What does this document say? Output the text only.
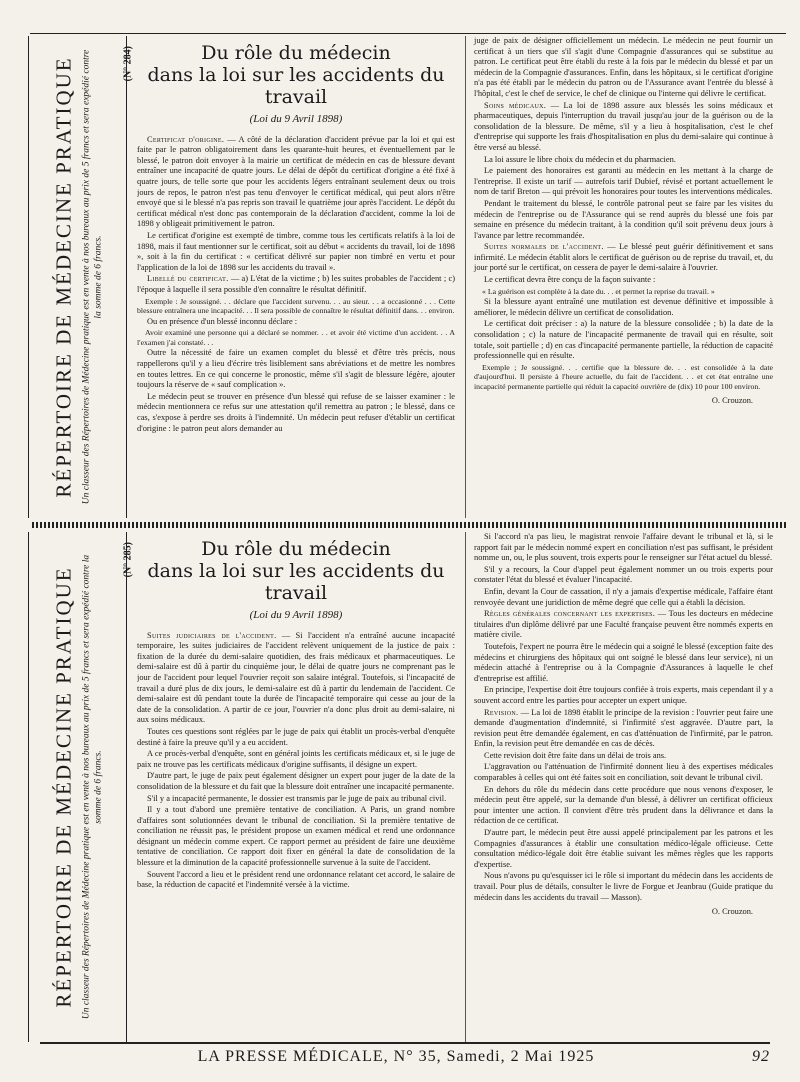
RÉPERTOIRE DE MÉDECINE PRATIQUE Un classeur des Répertoires de Médecine pratique est en vente à nos bureaux au prix de 5 francs et sera expédié contre la somme de 6 francs.
(N° 284)	Du rôle du médecin
dans la loi sur les accidents du travail
(Loi du 9 Avril 1898)

Certificat d'origine. — A côté de la déclaration d'accident prévue par la loi et qui est faite par le patron obligatoirement dans les quarante-huit heures, et éventuellement par le blessé, le patron doit envoyer à la mairie un certificat de médecin en cas de blessure devant entraîner une incapacité de quatre jours. Le délai de dépôt du certificat d'origine a été fixé à quatre jours, de telle sorte que pour les accidents légers entraînant seulement deux ou trois jours de repos, le patron n'est pas tenu d'envoyer le certificat médical, qui peut alors n'être envoyé que si le blessé n'a pas repris son travail le quatrième jour après l'accident. Le dépôt du certificat médical n'est donc pas contemporain de la déclaration d'accident, comme la loi de 1898 y obligeait primitivement le patron.

Le certificat d'origine est exempté de timbre, comme tous les certificats relatifs à la loi de 1898, mais il faut mentionner sur le certificat, soit au début « accidents du travail, loi de 1898 », soit à la fin du certificat : « certificat délivré sur papier non timbré en vertu et pour l'application de la loi de 1898 sur les accidents du travail ».

Libellé du certificat. — a) L'état de la victime ; b) les suites probables de l'accident ; c) l'époque à laquelle il sera possible d'en connaître le résultat définitif.

Exemple : Je soussigné. . . déclare que l'accident survenu. . . au sieur. . . a occasionné . . . Cette blessure entraînera une incapacité. . . Il sera possible de connaître le résultat définitif dans. . . environ.

Ou en présence d'un blessé inconnu déclare :

Avoir examiné une personne qui a déclaré se nommer. . . et avoir été victime d'un accident. . . A l'examen j'ai constaté. . .

Outre la nécessité de faire un examen complet du blessé et d'être très précis, nous rappellerons qu'il y a lieu d'écrire très lisiblement sans abréviations et de mettre les nombres en toutes lettres. En ce qui concerne le pronostic, même s'il s'agit de blessure légère, ajouter toujours la réserve de « sauf complication ».

Le médecin peut se trouver en présence d'un blessé qui refuse de se laisser examiner : le médecin mentionnera ce refus sur une attestation qu'il remettra au patron ; le blessé, dans ce cas, s'expose à perdre ses droits à l'indemnité. Un médecin peut refuser d'établir un certificat d'origine : le patron peut alors demander au

juge de paix de désigner officiellement un médecin. Le médecin ne peut fournir un certificat à un tiers que s'il s'agit d'une Compagnie d'assurances qui se substitue au patron. Le certificat peut être établi du reste à la fois par le médecin du blessé et par un médecin de la Compagnie d'assurances. Enfin, dans les hôpitaux, si le certificat d'origine n'a pas été établi par le médecin du patron ou de l'Assurance avant l'entrée du blessé à l'hôpital, c'est le chef de service, le chef de clinique ou l'interne qui délivre le certificat.

Soins médicaux. — La loi de 1898 assure aux blessés les soins médicaux et pharmaceutiques, depuis l'interruption du travail jusqu'au jour de la guérison ou de la consolidation de la blessure. De même, s'il y a lieu à hospitalisation, c'est le chef d'entreprise qui supporte les frais d'hospitalisation en plus du demi-salaire qui continue à être versé au blessé.

La loi assure le libre choix du médecin et du pharmacien.

Le paiement des honoraires est garanti au médecin en les mettant à la charge de l'entreprise. Il existe un tarif — autrefois tarif Dubief, révisé et portant actuellement le nom de tarif Breton — qui prévoit les honoraires pour toutes les interventions médicales.

Pendant le traitement du blessé, le contrôle patronal peut se faire par les visites du médecin de l'entreprise ou de l'Assurance qui se rend auprès du blessé une fois par semaine en présence du médecin traitant, à la condition qu'il soit prévenu deux jours à l'avance par lettre recommandée.

Suites normales de l'accident. — Le blessé peut guérir définitivement et sans infirmité. Le médecin établit alors le certificat de guérison ou de reprise du travail, et, du jour porté sur le certificat, on cessera de payer le demi-salaire à l'ouvrier.

Le certificat devra être conçu de la façon suivante :

« La guérison est complète à la date du. . . et permet la reprise du travail. »

Si la blessure ayant entraîné une mutilation est devenue définitive et impossible à améliorer, le médecin délivre un certificat de consolidation.

Le certificat doit préciser : a) la nature de la blessure consolidée ; b) la date de la consolidation ; c) la nature de l'incapacité permanente de travail qui en résulte, soit totale, soit partielle ; d) en cas d'incapacité permanente partielle, la réduction de capacité professionnelle qui en résulte.

Exemple ; Je soussigné. . . certifie que la blessure de. . . est consolidée à la date d'aujourd'hui. Il persiste à l'heure actuelle, du fait de l'accident. . . et cet état entraîne une incapacité permanente partielle qui réduit la capacité ouvrière de (dix) 10 pour 100 environ.

O. Crouzon.
RÉPERTOIRE DE MÉDECINE PRATIQUE Un classeur des Répertoires de Médecine pratique est en vente à nos bureaux au prix de 5 francs et sera expédié contre la somme de 6 francs.
(N° 285)	Du rôle du médecin
dans la loi sur les accidents du travail
(Loi du 9 Avril 1898)

Suites judiciaires de l'accident. — Si l'accident n'a entraîné aucune incapacité temporaire, les suites judiciaires de l'accident relèvent uniquement de la justice de paix : fixation de la durée du demi-salaire quotidien, des frais médicaux et pharmaceutiques. Le demi-salaire est dû à partir du cinquième jour, le délai de quatre jours ne comprenant pas le jour de l'accident pour lequel l'ouvrier reçoit son salaire intégral. Toutefois, si l'incapacité de travail a duré plus de dix jours, le demi-salaire est dû à partir du lendemain de l'accident. Ce demi-salaire est dû pendant toute la durée de l'incapacité temporaire qui cesse au jour de la date de la consolidation. A partir de ce jour, l'ouvrier n'a donc plus droit au demi-salaire, ni aux soins médicaux.

Toutes ces questions sont réglées par le juge de paix qui établit un procès-verbal d'enquête destiné à faire la preuve qu'il y a eu accident.

A ce procès-verbal d'enquête, sont en général joints les certificats médicaux et, si le juge de paix ne trouve pas les certificats médicaux d'origine suffisants, il désigne un expert.

D'autre part, le juge de paix peut également désigner un expert pour juger de la date de la consolidation de la blessure et du fait que la blessure doit entraîner une incapacité permanente.

S'il y a incapacité permanente, le dossier est transmis par le juge de paix au tribunal civil.

Il y a tout d'abord une première tentative de conciliation. A Paris, un grand nombre d'affaires sont solutionnées devant le tribunal de conciliation. Si la première tentative de conciliation ne réussit pas, le président propose un examen médical et rend une ordonnance désignant un médecin comme expert. Ce rapport permet au président de faire une deuxième tentative de conciliation. Ce rapport doit fixer en général la date de consolidation de la blessure et la diminution de la capacité professionnelle survenue à la suite de l'accident.

Souvent l'accord a lieu et le président rend une ordonnance relatant cet accord, le salaire de base, la réduction de capacité et l'indemnité versée à la victime.

Si l'accord n'a pas lieu, le magistrat renvoie l'affaire devant le tribunal et là, si le rapport fait par le médecin nommé expert en conciliation n'est pas suffisant, le président nomme un, ou, le plus souvent, trois experts pour le renseigner sur l'état actuel du blessé.

S'il y a recours, la Cour d'appel peut également nommer un ou trois experts pour constater l'état du blessé et évaluer l'incapacité.

Enfin, devant la Cour de cassation, il n'y a jamais d'expertise médicale, l'affaire étant renvoyée devant une juridiction de même degré que celle qui a établi la décision.

Règles générales concernant les expertises. — Tous les docteurs en médecine titulaires d'un diplôme délivré par une Faculté française peuvent être nommés experts en matière civile.

Toutefois, l'expert ne pourra être le médecin qui a soigné le blessé (exception faite des médecins et chirurgiens des hôpitaux qui ont soigné le blessé dans leur service), ni un médecin attaché à l'entreprise ou à la Compagnie d'Assurances à laquelle le chef d'entreprise est affilié.

En principe, l'expertise doit être toujours confiée à trois experts, mais cependant il y a souvent accord entre les parties pour accepter un expert unique.

Revision. — La loi de 1898 établit le principe de la revision : l'ouvrier peut faire une demande d'augmentation d'indemnité, si l'infirmité s'est aggravée. D'autre part, la revision peut être demandée également, en cas d'atténuation de l'infirmité, par le patron. Enfin, la revision peut être demandée en cas de décès.

Cette revision doit être faite dans un délai de trois ans.

L'aggravation ou l'atténuation de l'infirmité donnent lieu à des expertises médicales comparables à celles qui ont été faites soit en conciliation, soit devant le tribunal civil.

En dehors du rôle du médecin dans cette procédure que nous venons d'exposer, le médecin peut être appelé, sur la demande d'un blessé, à délivrer un certificat officieux pour intenter une action. Il convient d'être très prudent dans la délivrance et dans la rédaction de ce certificat.

D'autre part, le médecin peut être aussi appelé principalement par les patrons et les Compagnies d'assurances à établir une consultation médico-légale officieuse. Cette consultation médico-légale doit être établie suivant les mêmes règles que les rapports d'expertise.

Nous n'avons pu qu'esquisser ici le rôle si important du médecin dans les accidents de travail. Pour plus de détails, consulter le livre de Forgue et Jeanbrau (Guide pratique du médecin dans les accidents du travail — Masson).

O. Crouzon.
LA PRESSE MÉDICALE, N° 35, Samedi, 2 Mai 1925	92
